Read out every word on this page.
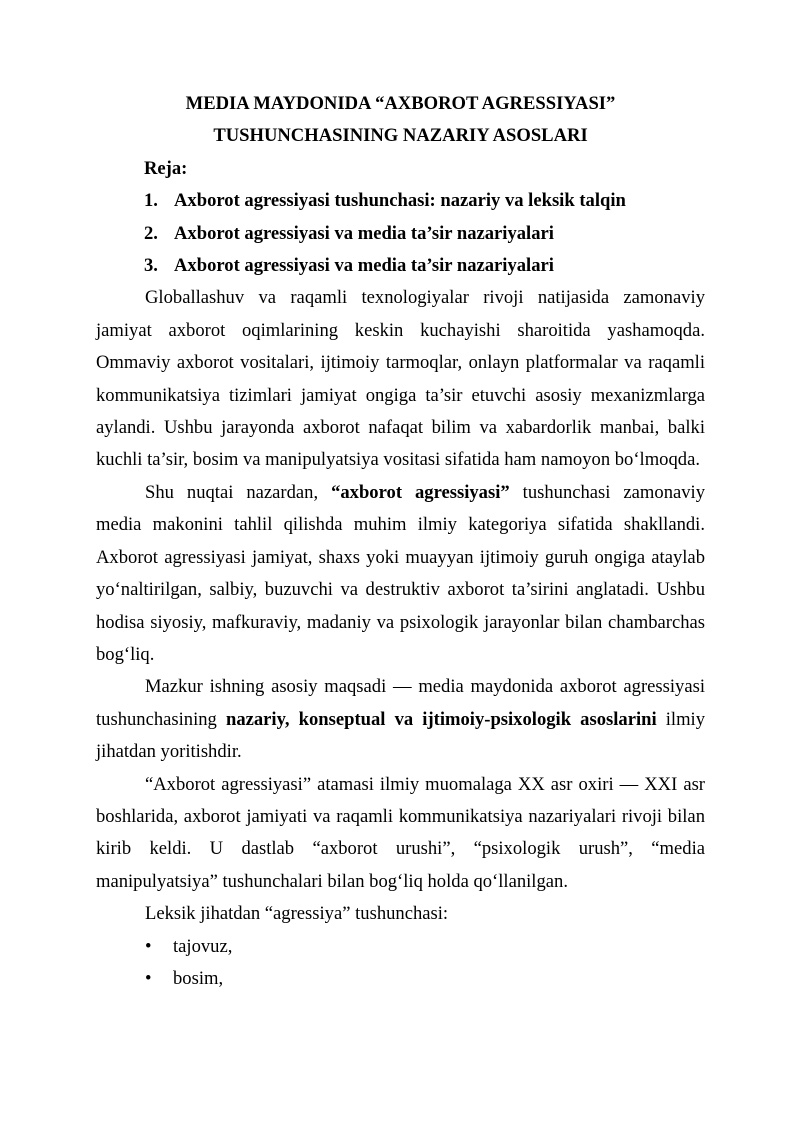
MEDIA MAYDONIDA “AXBOROT AGRESSIYASI”
TUSHUNCHASINING NAZARIY ASOSLARI

Reja:

1. Axborot agressiyasi tushunchasi: nazariy va leksik talqin
2. Axborot agressiyasi va media ta’sir nazariyalari
3. Axborot agressiyasi va media ta’sir nazariyalari

Globallashuv va raqamli texnologiyalar rivoji natijasida zamonaviy jamiyat axborot oqimlarining keskin kuchayishi sharoitida yashamoqda. Ommaviy axborot vositalari, ijtimoiy tarmoqlar, onlayn platformalar va raqamli kommunikatsiya tizimlari jamiyat ongiga ta’sir etuvchi asosiy mexanizmlarga aylandi. Ushbu jarayonda axborot nafaqat bilim va xabardorlik manbai, balki kuchli ta’sir, bosim va manipulyatsiya vositasi sifatida ham namoyon bo‘lmoqda.

Shu nuqtai nazardan, “axborot agressiyasi” tushunchasi zamonaviy media makonini tahlil qilishda muhim ilmiy kategoriya sifatida shakllandi. Axborot agressiyasi jamiyat, shaxs yoki muayyan ijtimoiy guruh ongiga ataylab yo‘naltirilgan, salbiy, buzuvchi va destruktiv axborot ta’sirini anglatadi. Ushbu hodisa siyosiy, mafkuraviy, madaniy va psixologik jarayonlar bilan chambarchas bog‘liq.

Mazkur ishning asosiy maqsadi — media maydonida axborot agressiyasi tushunchasining nazariy, konseptual va ijtimoiy-psixologik asoslarini ilmiy jihatdan yoritishdir.

“Axborot agressiyasi” atamasi ilmiy muomalaga XX asr oxiri — XXI asr boshlarida, axborot jamiyati va raqamli kommunikatsiya nazariyalari rivoji bilan kirib keldi. U dastlab “axborot urushi”, “psixologik urush”, “media manipulyatsiya” tushunchalari bilan bog‘liq holda qo‘llanilgan.

Leksik jihatdan “agressiya” tushunchasi:

• tajovuz,
• bosim,
